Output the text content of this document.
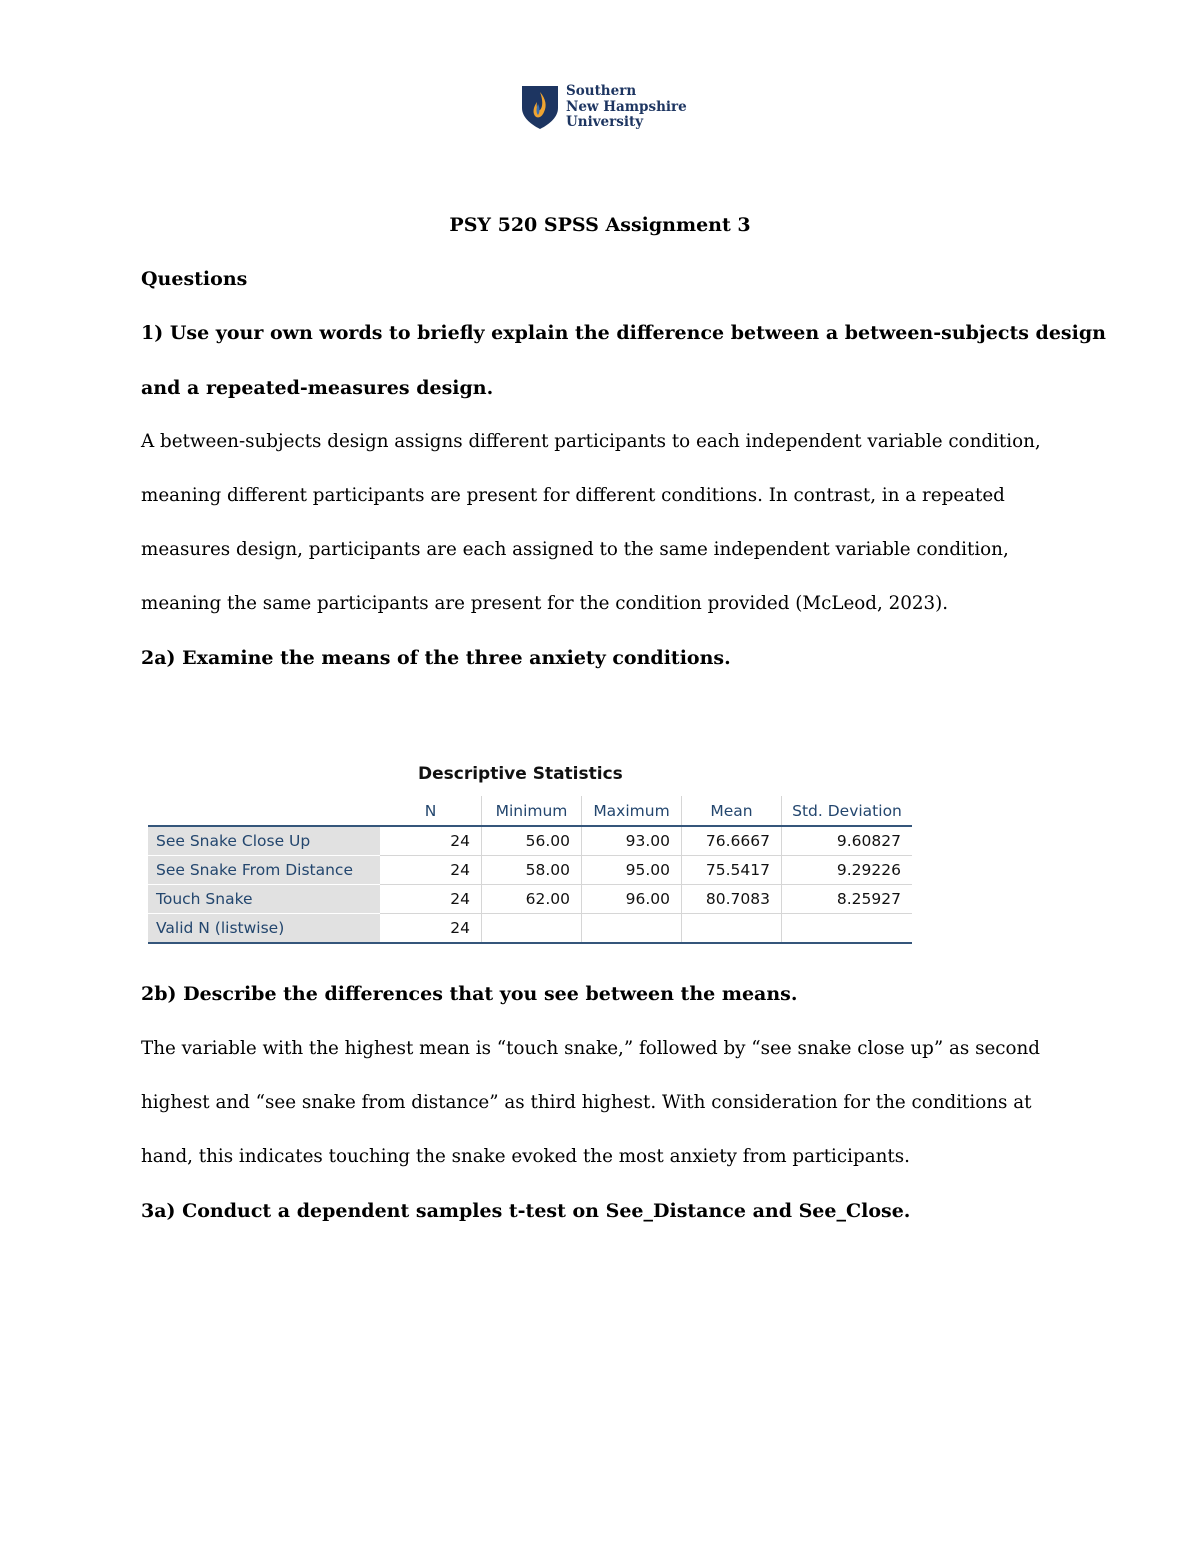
Southern
New Hampshire
University
PSY 520 SPSS Assignment 3
Questions
1) Use your own words to briefly explain the difference between a between-subjects design
and a repeated-measures design.
A between-subjects design assigns different participants to each independent variable condition,
meaning different participants are present for different conditions. In contrast, in a repeated
measures design, participants are each assigned to the same independent variable condition,
meaning the same participants are present for the condition provided (McLeod, 2023).
2a) Examine the means of the three anxiety conditions.
Descriptive Statistics
	N	Minimum	Maximum	Mean	Std. Deviation
See Snake Close Up	24	56.00	93.00	76.6667	9.60827
See Snake From Distance	24	58.00	95.00	75.5417	9.29226
Touch Snake	24	62.00	96.00	80.7083	8.25927
Valid N (listwise)	24				
2b) Describe the differences that you see between the means.
The variable with the highest mean is “touch snake,” followed by “see snake close up” as second
highest and “see snake from distance” as third highest. With consideration for the conditions at
hand, this indicates touching the snake evoked the most anxiety from participants.
3a) Conduct a dependent samples t-test on See_Distance and See_Close.
